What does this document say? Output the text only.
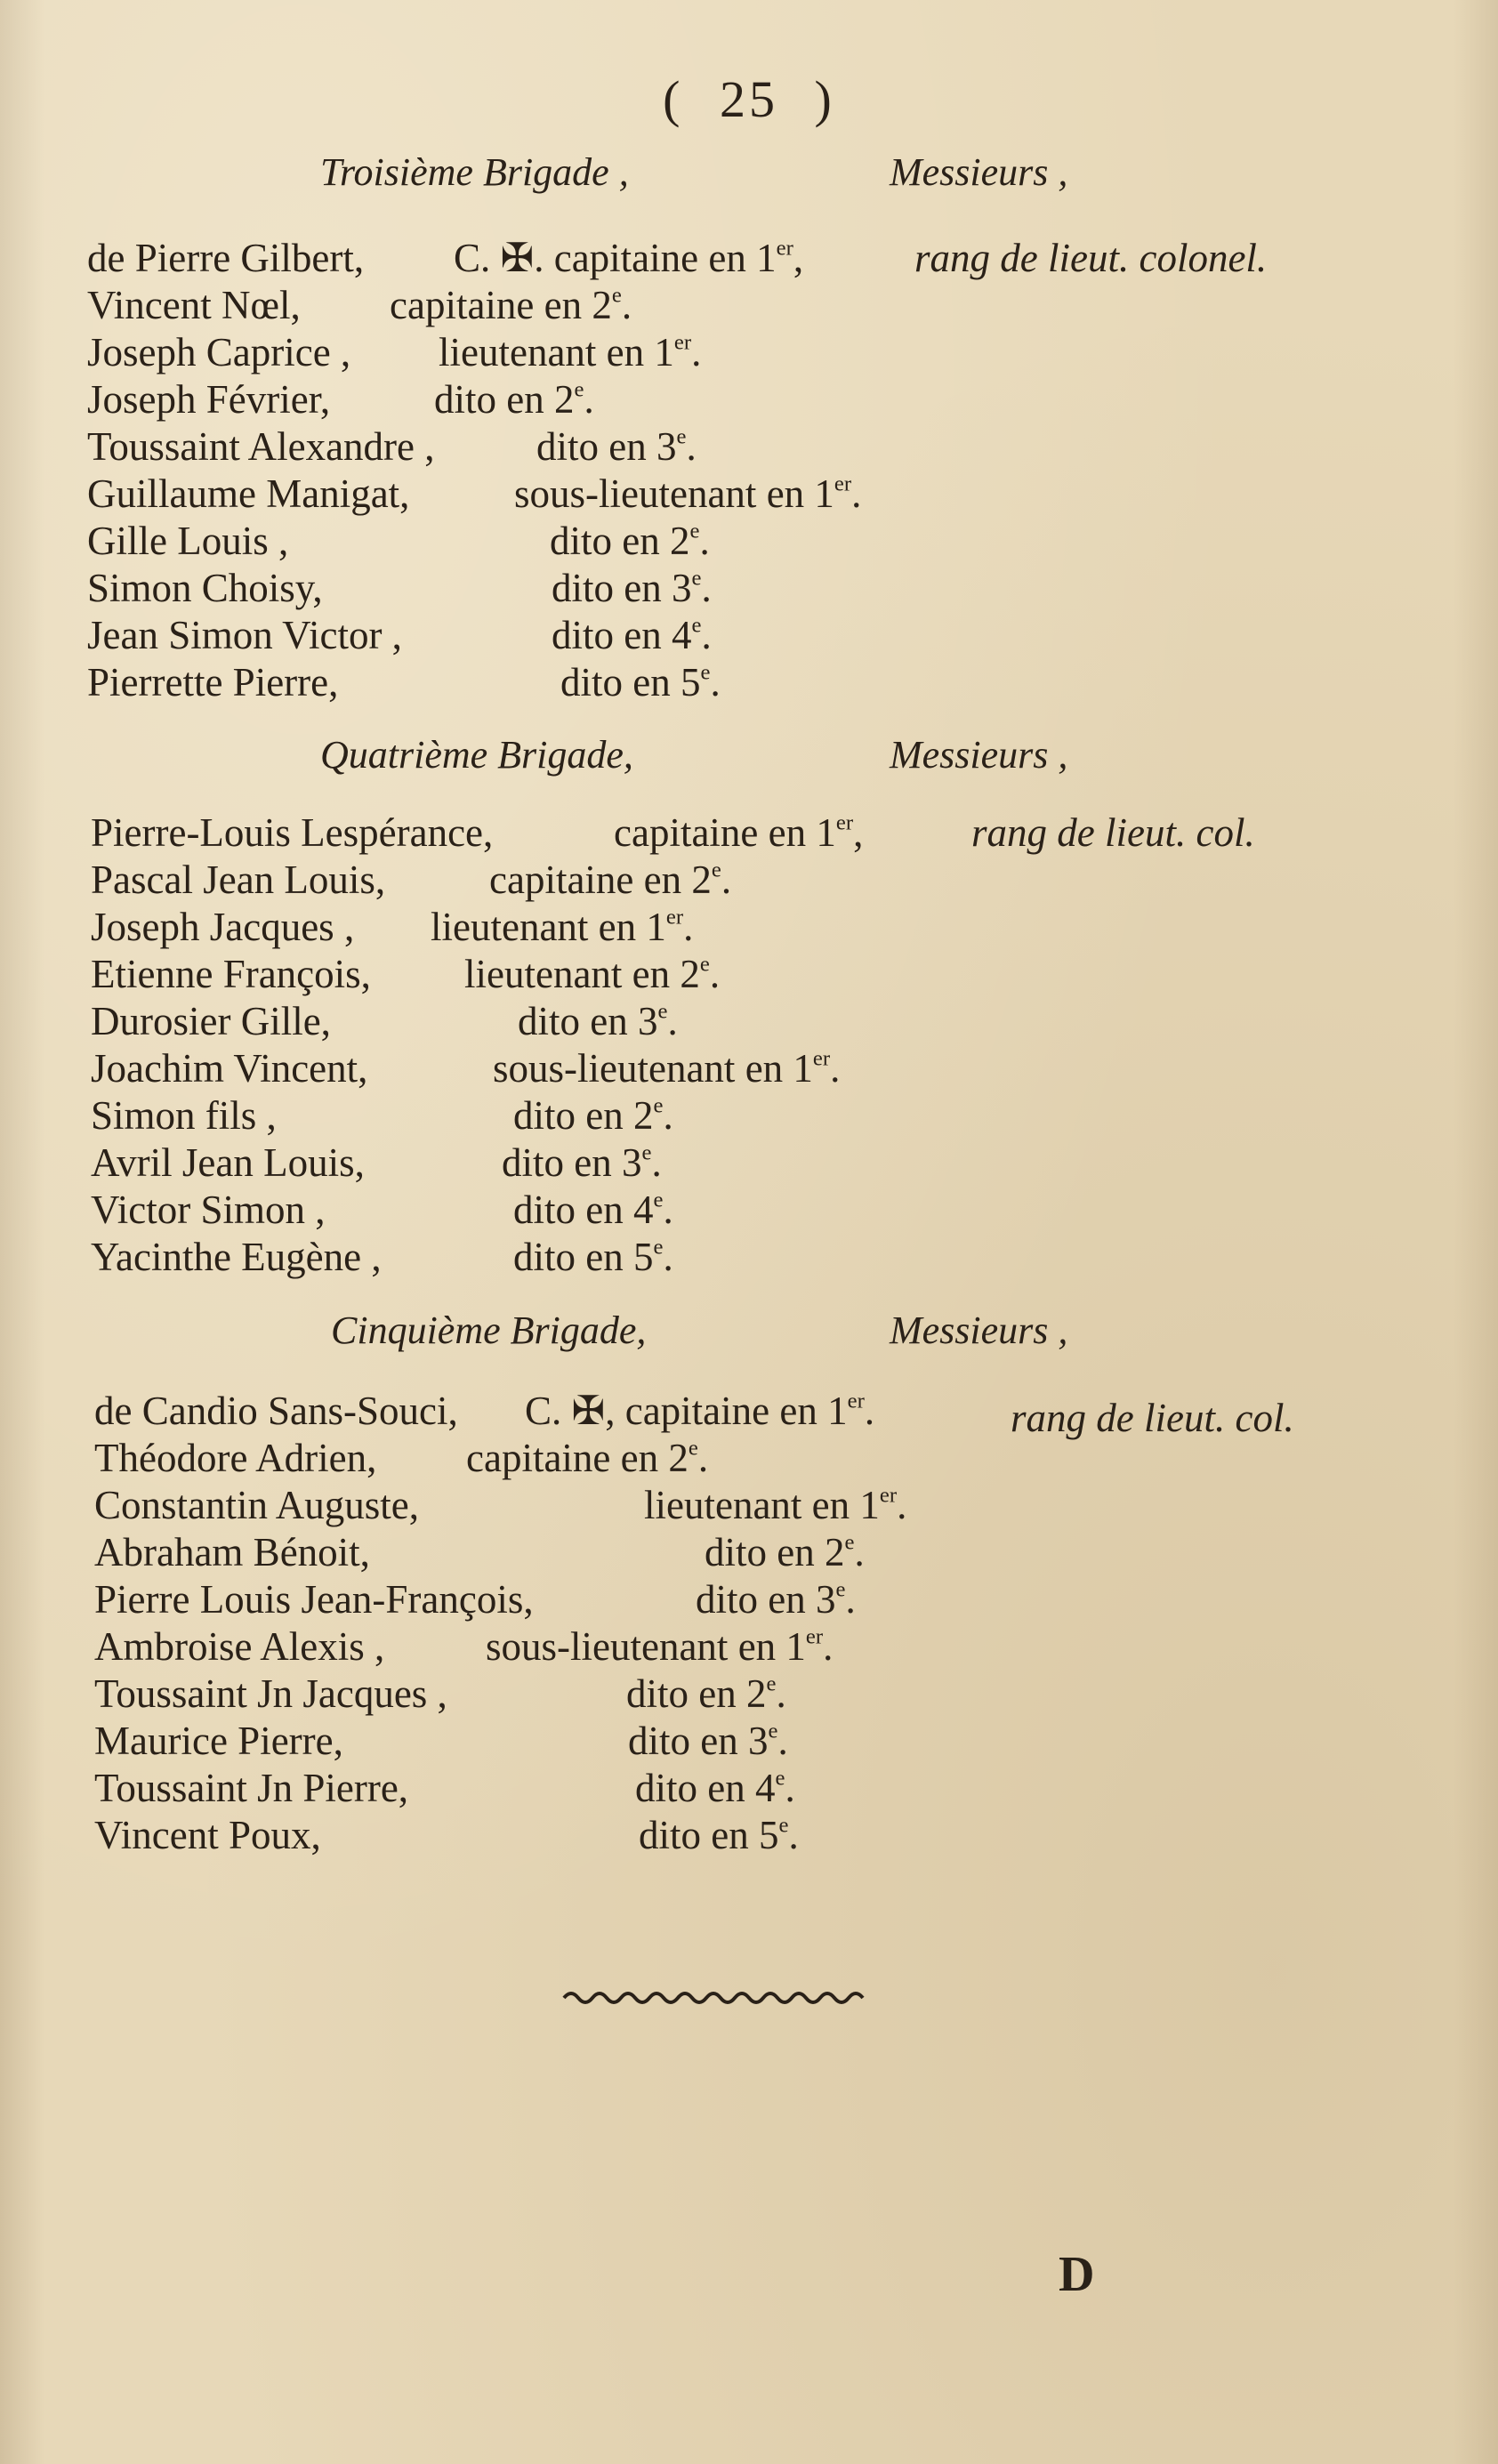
( 25 )
Troisième Brigade ,	Messieurs ,
de Pierre Gilbert, C. ✠. capitaine en 1er,	rang de lieut. colonel.
Vincent Nœl, capitaine en 2e.
Joseph Caprice , lieutenant en 1er.
Joseph Février,	dito en 2e.
Toussaint Alexandre ,	dito en 3e.
Guillaume Manigat,	sous-lieutenant en 1er.
Gille Louis ,	dito en 2e.
Simon Choisy,	dito en 3e.
Jean Simon Victor ,	dito en 4e.
Pierrette Pierre,	dito en 5e.
Quatrième Brigade,	Messieurs ,
Pierre-Louis Lespérance,	capitaine en 1er,	rang de lieut. col.
Pascal Jean Louis,	capitaine en 2e.
Joseph Jacques , lieutenant en 1er.
Etienne François, lieutenant en 2e.
Durosier Gille,	dito en 3e.
Joachim Vincent,	sous-lieutenant en 1er.
Simon fils ,	dito en 2e.
Avril Jean Louis,	dito en 3e.
Victor Simon ,	dito en 4e.
Yacinthe Eugène ,	dito en 5e.
Cinquième Brigade,	Messieurs ,
de Candio Sans-Souci, C. ✠, capitaine en 1er.	rang de lieut. col.
Théodore Adrien, capitaine en 2e.
Constantin Auguste,	lieutenant en 1er.
Abraham Bénoit,	dito en 2e.
Pierre Louis Jean-François,	dito en 3e.
Ambroise Alexis ,	sous-lieutenant en 1er.
Toussaint Jn Jacques ,	dito en 2e.
Maurice Pierre,	dito en 3e.
Toussaint Jn Pierre,	dito en 4e.
Vincent Poux,	dito en 5e.
D
